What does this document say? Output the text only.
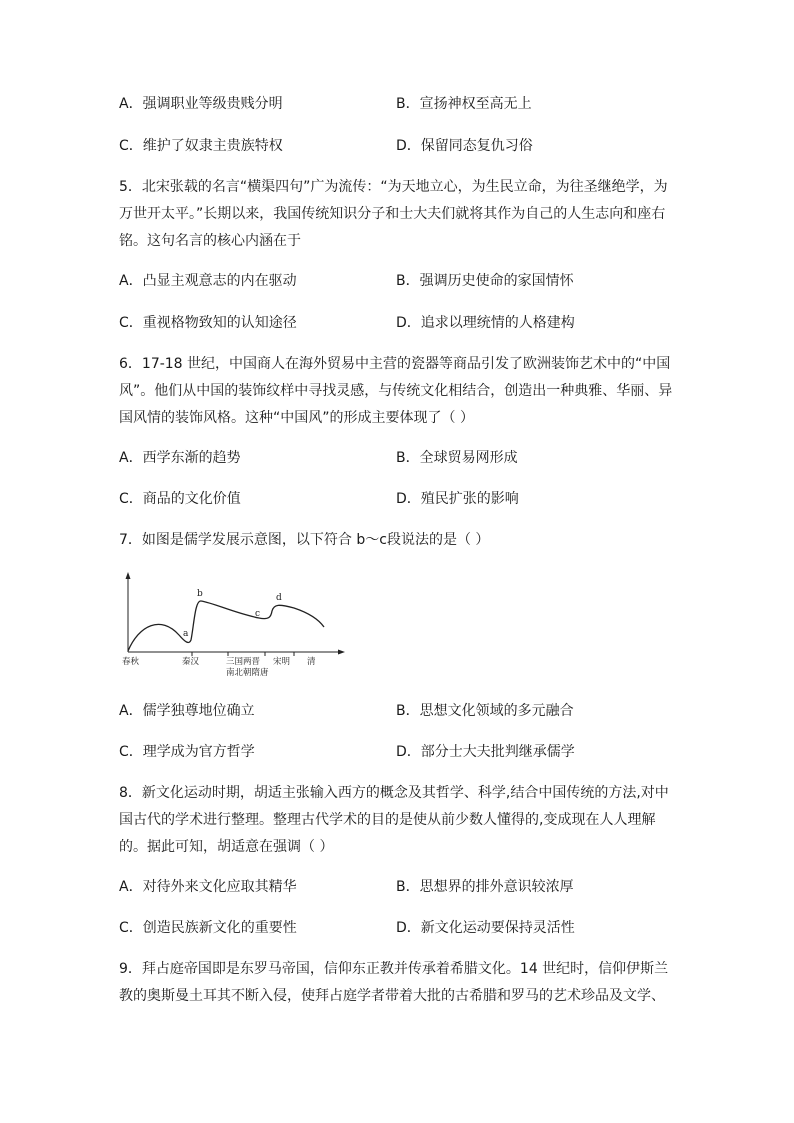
A．强调职业等级贵贱分明	B．宣扬神权至高无上
C．维护了奴隶主贵族特权	D．保留同态复仇习俗
5．北宋张载的名言“横渠四句”广为流传：“为天地立心，为生民立命，为往圣继绝学，为
万世开太平。”长期以来，我国传统知识分子和士大夫们就将其作为自己的人生志向和座右
铭。这句名言的核心内涵在于
A．凸显主观意志的内在驱动	B．强调历史使命的家国情怀
C．重视格物致知的认知途径	D．追求以理统情的人格建构
6．17-18 世纪，中国商人在海外贸易中主营的瓷器等商品引发了欧洲装饰艺术中的“中国
风”。他们从中国的装饰纹样中寻找灵感，与传统文化相结合，创造出一种典雅、华丽、异
国风情的装饰风格。这种“中国风”的形成主要体现了（ ）
A．西学东渐的趋势	B．全球贸易网形成
C．商品的文化价值	D．殖民扩张的影响
7．如图是儒学发展示意图，以下符合 b～c段说法的是（ ）
a
b
c
d
春秋	秦汉	三国两晋
南北朝隋唐
宋明 清
A．儒学独尊地位确立	B．思想文化领域的多元融合
C．理学成为官方哲学	D．部分士大夫批判继承儒学
8．新文化运动时期，胡适主张输入西方的概念及其哲学、科学,结合中国传统的方法,对中
国古代的学术进行整理。整理古代学术的目的是使从前少数人懂得的,变成现在人人理解
的。据此可知，胡适意在强调（ ）
A．对待外来文化应取其精华	B．思想界的排外意识较浓厚
C．创造民族新文化的重要性	D．新文化运动要保持灵活性
9．拜占庭帝国即是东罗马帝国，信仰东正教并传承着希腊文化。14 世纪时，信仰伊斯兰
教的奥斯曼土耳其不断入侵，使拜占庭学者带着大批的古希腊和罗马的艺术珍品及文学、
